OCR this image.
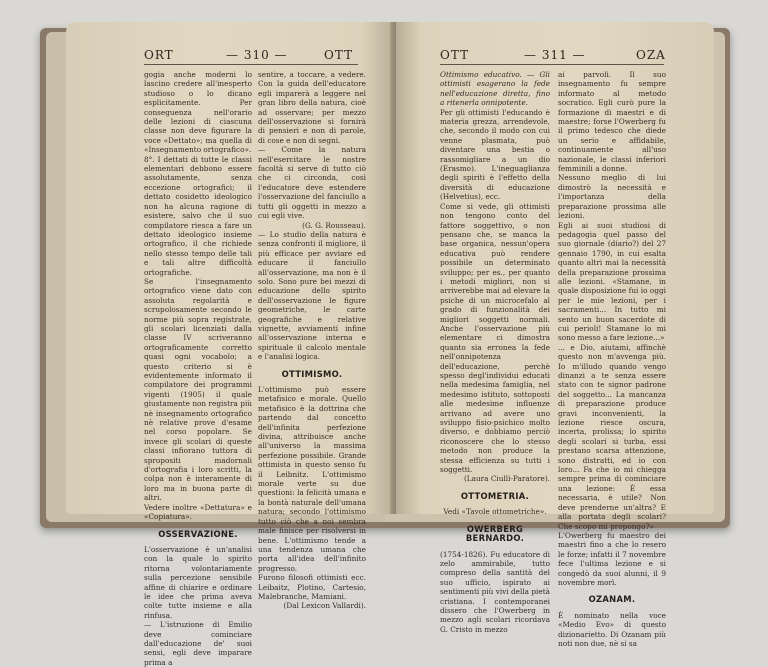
ORT	— 310 —	OTT

gogia anche moderni lo lascino credere all'inesperto studioso o lo dicano esplicitamente. Per conseguenza nell'orario delle lezioni di ciascuna classe non deve figurare la voce «Dettato»; ma quella di «Insegnamento ortografico».

8°. I dettati di tutte le classi elementari debbono essere assolutamente, senza eccezione ortografici; il dettato cosidetto ideologico non ha alcuna ragione di esistere, salvo che il suo compilatore riesca a fare un dettato ideologico insieme ortografico, il che richiede nello stesso tempo delle tali e tali altre difficoltà ortografiche.

Se l'insegnamento ortografico viene dato con assoluta regolarità e scrupolosamente secondo le norme più sopra registrate, gli scolari licenziati dalla classe IV scriveranno ortograficamente corretto quasi ogni vocabolo; a questo criterio si è evidentemente informato il compilatore dei programmi vigenti (1905) il quale giustamente non registra più nè insegnamento ortografico nè relative prove d'esame nel corso popolare. Se invece gli scolari di queste classi infiorano tuttora di spropositi madornali d'ortografia i loro scritti, la colpa non è interamente di loro ma in buona parte di altri.

Vedere inoltre «Dettatura» e «Copiatura».

OSSERVAZIONE.

L'osservazione è un'analisi con la quale lo spirito ritorna volontariamente sulla percezione sensibile affine di chiarire e ordinare le idee che prima aveva colte tutte insieme e alla rinfusa.

— L'istruzione di Emilio deve cominciare dall'educazione de' suoi sensi, egli deve imparare prima a

sentire, a toccare, a vedere. Con la guida dell'educatore egli imparerà a leggere nel gran libro della natura, cioè ad osservare; per mezzo dell'osservazione si fornirà di pensieri e non di parole, di cose e non di segni.

— Come la natura nell'esercitare le nostre facoltà si serve di tutto ciò che ci circonda, così l'educatore deve estendere l'osservazione del fanciullo a tutti gli oggetti in mezzo a cui egli vive.

(G. G. Rousseau).

— Lo studio della natura è senza confronti il migliore, il più efficace per avviare ed educare il fanciullo all'osservazione, ma non è il solo. Sono pure bei mezzi di educazione dello spirito dell'osservazione le figure geometriche, le carte geografiche e relative vignette, avviamenti infine all'osservazione interna e spirituale il calcolo mentale e l'analisi logica.

OTTIMISMO.

L'ottimismo può essere metafisico e morale. Quello metafisico è la dottrina che partendo dal concetto dell'infinita perfezione divina, attribuisce anche all'universo la massima perfezione possibile. Grande ottimista in questo senso fu il Leibnitz. L'ottimismo morale verte su due questioni: la felicità umana e la bontà naturale dell'umana natura; secondo l'ottimismo tutto ciò che a noi sembra male finisce per risolversi in bene. L'ottimismo tende a una tendenza umana che porta all'idea dell'infinito progresso.

Furono filosofi ottimisti ecc. Leibaitz, Plotino, Cartesio, Malebranche, Mamiani.

(Dal Lexicon Vallardi).

OTT	— 311 —	OZA

Ottimismo educativo. — Gli ottimisti esagerano la fede nell'educazione diretta, fino a ritenerla onnipotente.

Per gli ottimisti l'educando è materia grezza, arrendevole, che, secondo il modo con cui venne plasmata, può diventare una bestia o rassomigliare a un dio (Erasmo). L'ineguaglianza degli spiriti è l'effetto della diversità di educazione (Helvetius), ecc.

Come si vede, gli ottimisti non tengono conto del fattore soggettivo, o non pensano che, se manca la base organica, nessun'opera educativa può rendere possibile un determinato sviluppo; per es., per quanto i metodi migliori, non si arriverebbe mai ad elevare la psiche di un microcefalo al grado di funzionalità dei migliori soggetti normali. Anche l'osservazione più elementare ci dimostra quanto sia erronea la fede nell'onnipotenza dell'educazione, perchè spesso degl'individui educati nella medesima famiglia, nel medesimo istituto, sottoposti alle medesime influenze arrivano ad avere uno sviluppo fisio-psichico molto diverso, e dobbiamo perciò riconoscere che lo stesso metodo non produce la stessa efficienza su tutti i soggetti.

(Laura Ciulli-Paratore).

OTTOMETRIA.

Vedi «Tavole ottometriche».

OWERBERG BERNARDO.

(1754-1826). Fu educatore di zelo ammirabile, tutto compreso della santità del suo ufficio, ispirato ai sentimenti più vivi della pietà cristiana. I contemporanei dissero che l'Owerberg in mezzo agli scolari ricordava G. Cristo in mezzo

ai parvoli. Il suo insegnamento fu sempre informato al metodo socratico. Egli curò pure la formazione di maestri e di maestre; forse l'Owerberg fu il primo tedesco che diede un serio e affidabile, continuamente all'uso nazionale, le classi inferiori femminili a donne.

Nessuno meglio di lui dimostrò la necessità e l'importanza della preparazione prossima alle lezioni.

Egli ai suoi studiosi di pedagogia quel passo del suo giornale (diario?) del 27 gennaio 1790, in cui esalta quanto altri mai la necessità della preparazione prossima alle lezioni. «Stamane, in quale disposizione fui io oggi per le mie lezioni, per i sacramenti... In tutto mi sento un buon sacerdote di cui perioli! Stamane lo mi sono messo a fare lezione...»

... e Dio, aiutami, affinchè questo non m'avvenga più. Io m'illudo quando vengo dinanzi a te senza essere stato con te signor padrone del soggetto... La mancanza di preparazione produce gravi inconvenienti, la lezione riesce oscura, incerta, prolissa; lo spirito degli scolari si turba, essi prestano scarsa attenzione, sono distratti, ed io con loro... Fa che io mi chiegga sempre prima di cominciare una lezione: È essa necessaria, è utile? Non deve prenderne un'altra? E alla portata degli scolari? Che scopo mi propongo?»

L'Owerberg fu maestro dei maestri fino a che lo resero le forze; infatti il 7 novembre fece l'ultima lezione e si congedò da suoi alunni, il 9 novembre morì.

OZANAM.

È nominato nella voce «Medio Evo» di questo dizionarietto. Di Ozanam più noti non due, nè si sa
